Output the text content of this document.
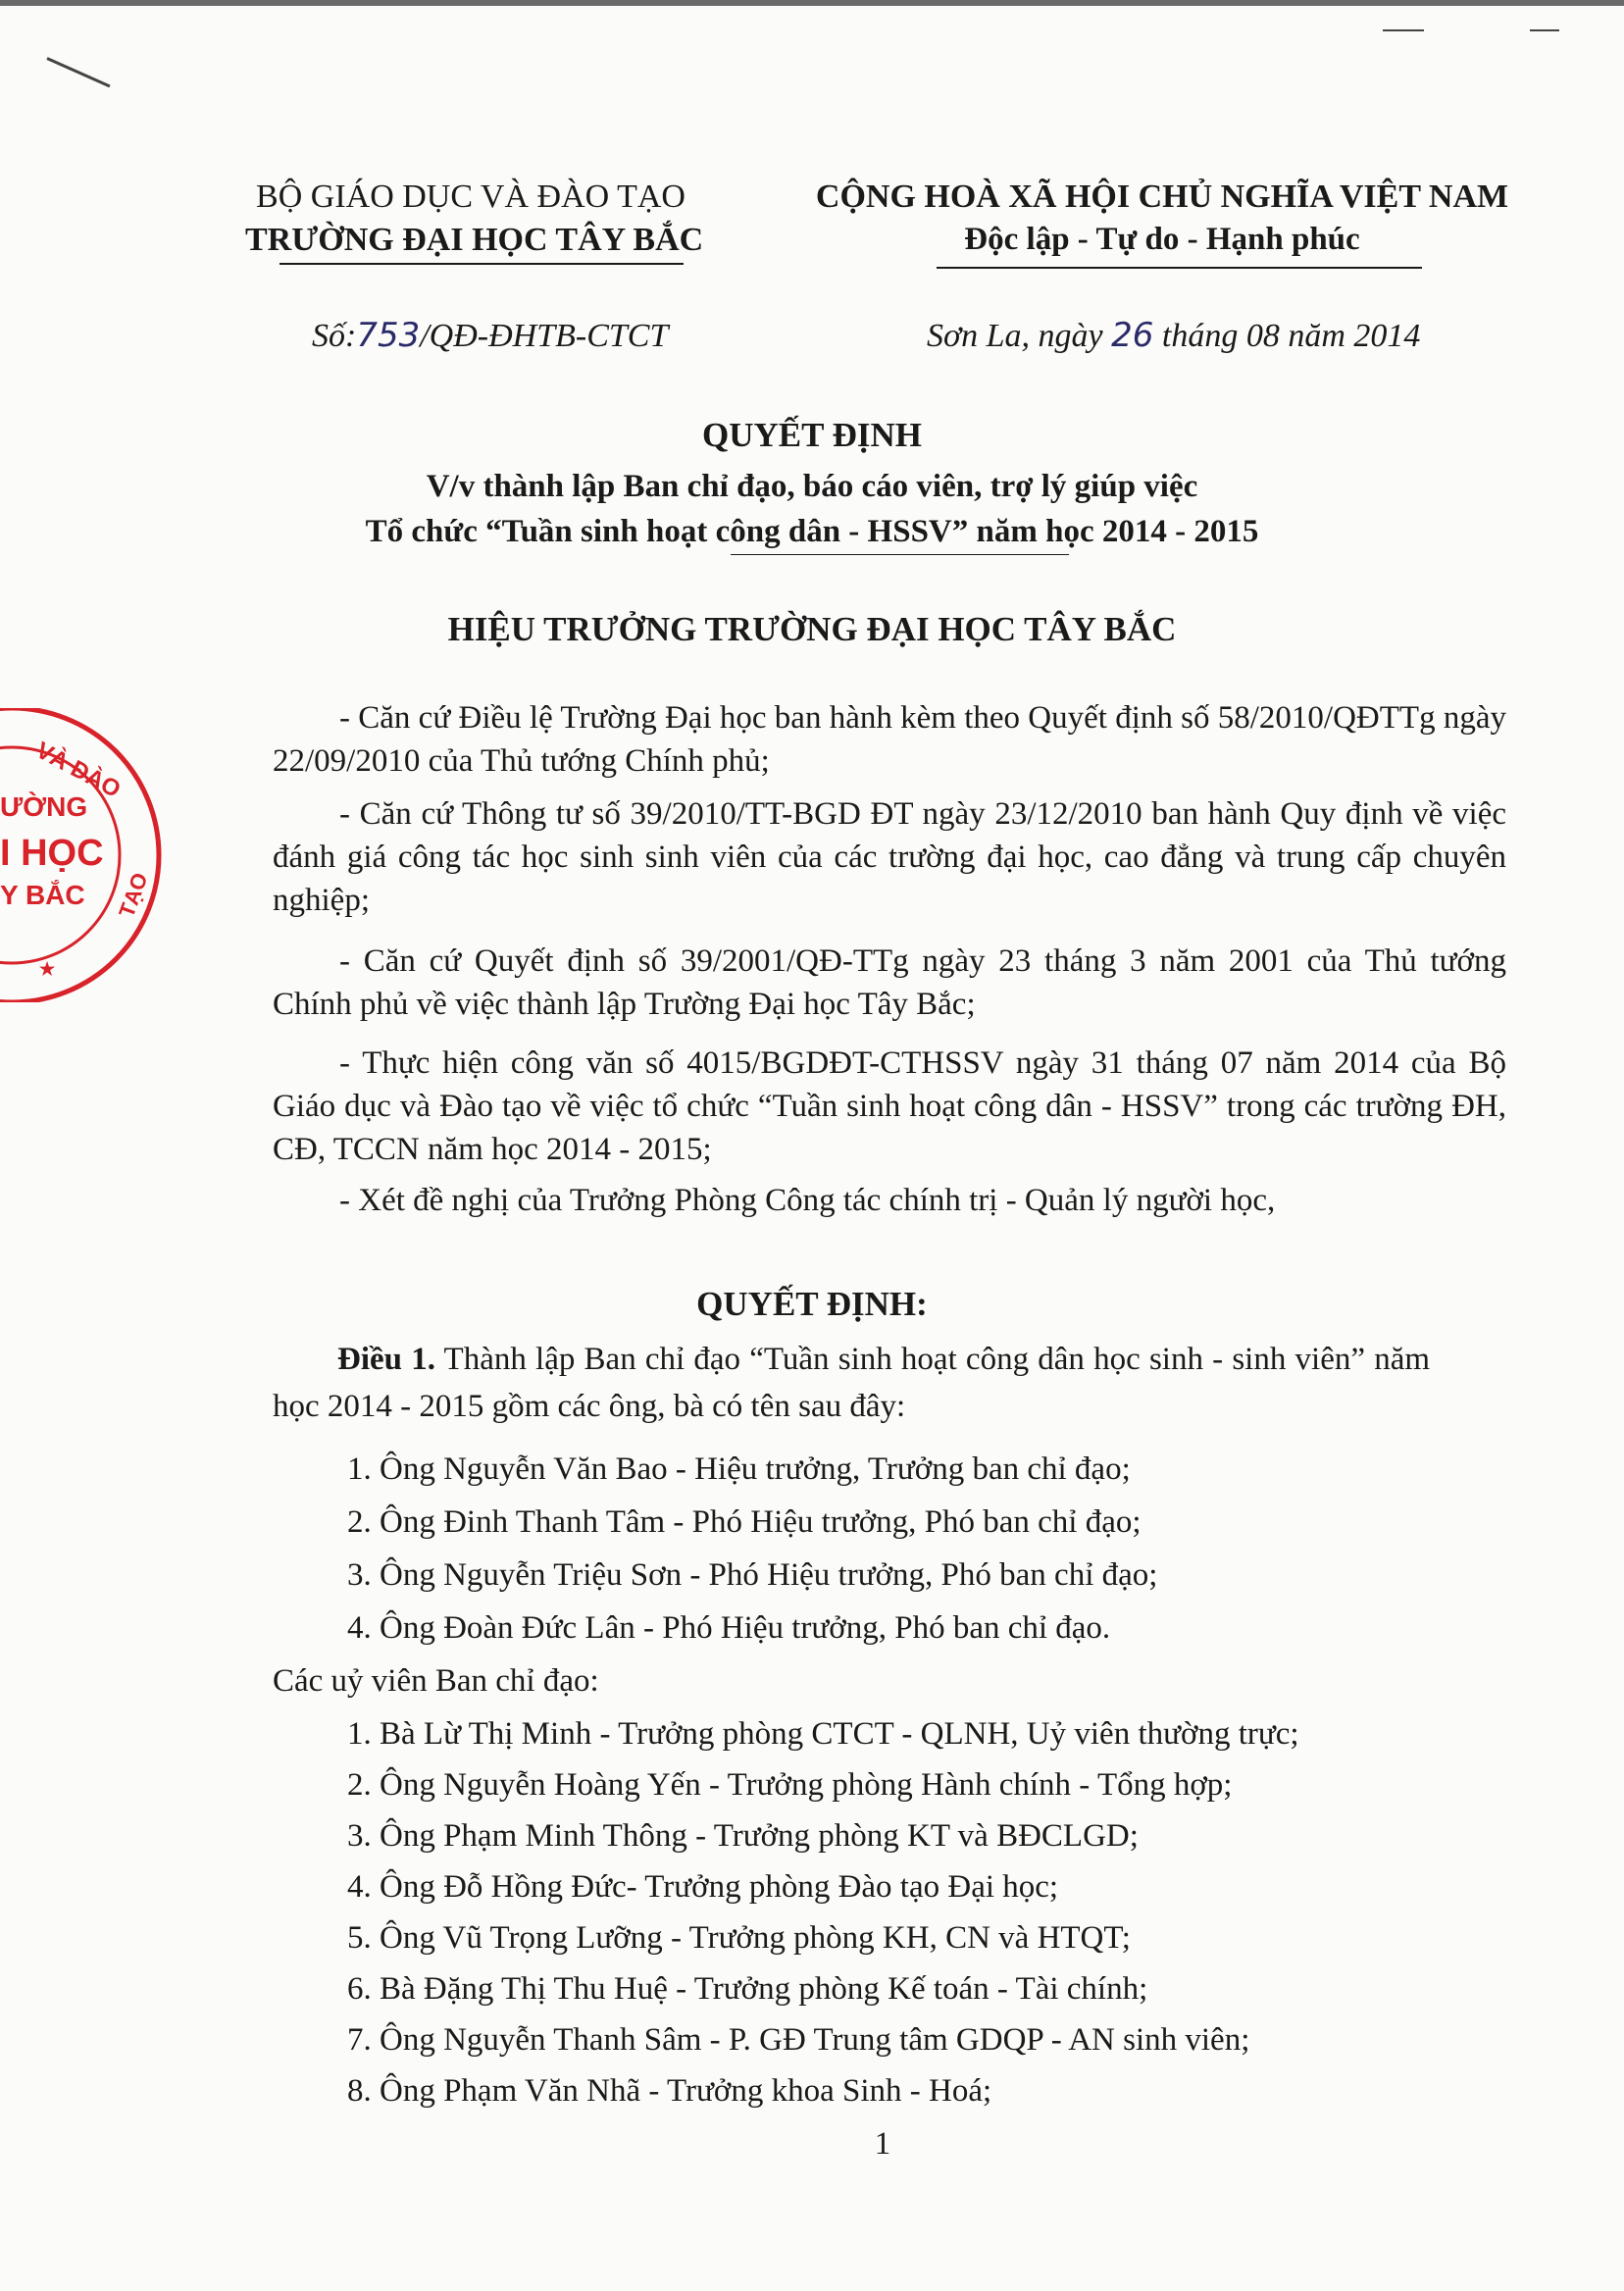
BỘ GIÁO DỤC VÀ ĐÀO TẠO
TRƯỜNG ĐẠI HỌC TÂY BẮC
CỘNG HOÀ XÃ HỘI CHỦ NGHĨA VIỆT NAM
Độc lập - Tự do - Hạnh phúc
Số:753/QĐ-ĐHTB-CTCT	Sơn La, ngày 26 tháng 08 năm 2014
QUYẾT ĐỊNH
V/v thành lập Ban chỉ đạo, báo cáo viên, trợ lý giúp việc
Tổ chức “Tuần sinh hoạt công dân - HSSV” năm học 2014 - 2015
HIỆU TRƯỞNG TRƯỜNG ĐẠI HỌC TÂY BẮC
VÀ ĐÀO
ƯỜNG
I HỌC
Y BẮC TẠO
★
- Căn cứ Điều lệ Trường Đại học ban hành kèm theo Quyết định số 58/2010/QĐTTg ngày 22/09/2010 của Thủ tướng Chính phủ;
- Căn cứ Thông tư số 39/2010/TT-BGD ĐT ngày 23/12/2010 ban hành Quy định về việc đánh giá công tác học sinh sinh viên của các trường đại học, cao đẳng và trung cấp chuyên nghiệp;
- Căn cứ Quyết định số 39/2001/QĐ-TTg ngày 23 tháng 3 năm 2001 của Thủ tướng Chính phủ về việc thành lập Trường Đại học Tây Bắc;
- Thực hiện công văn số 4015/BGDĐT-CTHSSV ngày 31 tháng 07 năm 2014 của Bộ Giáo dục và Đào tạo về việc tổ chức “Tuần sinh hoạt công dân - HSSV” trong các trường ĐH, CĐ, TCCN năm học 2014 - 2015;
- Xét đề nghị của Trưởng Phòng Công tác chính trị - Quản lý người học,
QUYẾT ĐỊNH:
Điều 1. Thành lập Ban chỉ đạo “Tuần sinh hoạt công dân học sinh - sinh viên” năm học 2014 - 2015 gồm các ông, bà có tên sau đây:
1. Ông Nguyễn Văn Bao - Hiệu trưởng, Trưởng ban chỉ đạo;
2. Ông Đinh Thanh Tâm - Phó Hiệu trưởng, Phó ban chỉ đạo;
3. Ông Nguyễn Triệu Sơn - Phó Hiệu trưởng, Phó ban chỉ đạo;
4. Ông Đoàn Đức Lân - Phó Hiệu trưởng, Phó ban chỉ đạo.
Các uỷ viên Ban chỉ đạo:
1. Bà Lừ Thị Minh - Trưởng phòng CTCT - QLNH, Uỷ viên thường trực;
2. Ông Nguyễn Hoàng Yến - Trưởng phòng Hành chính - Tổng hợp;
3. Ông Phạm Minh Thông - Trưởng phòng KT và BĐCLGD;
4. Ông Đỗ Hồng Đức- Trưởng phòng Đào tạo Đại học;
5. Ông Vũ Trọng Lưỡng - Trưởng phòng KH, CN và HTQT;
6. Bà Đặng Thị Thu Huệ - Trưởng phòng Kế toán - Tài chính;
7. Ông Nguyễn Thanh Sâm - P. GĐ Trung tâm GDQP - AN sinh viên;
8. Ông Phạm Văn Nhã - Trưởng khoa Sinh - Hoá;
1
